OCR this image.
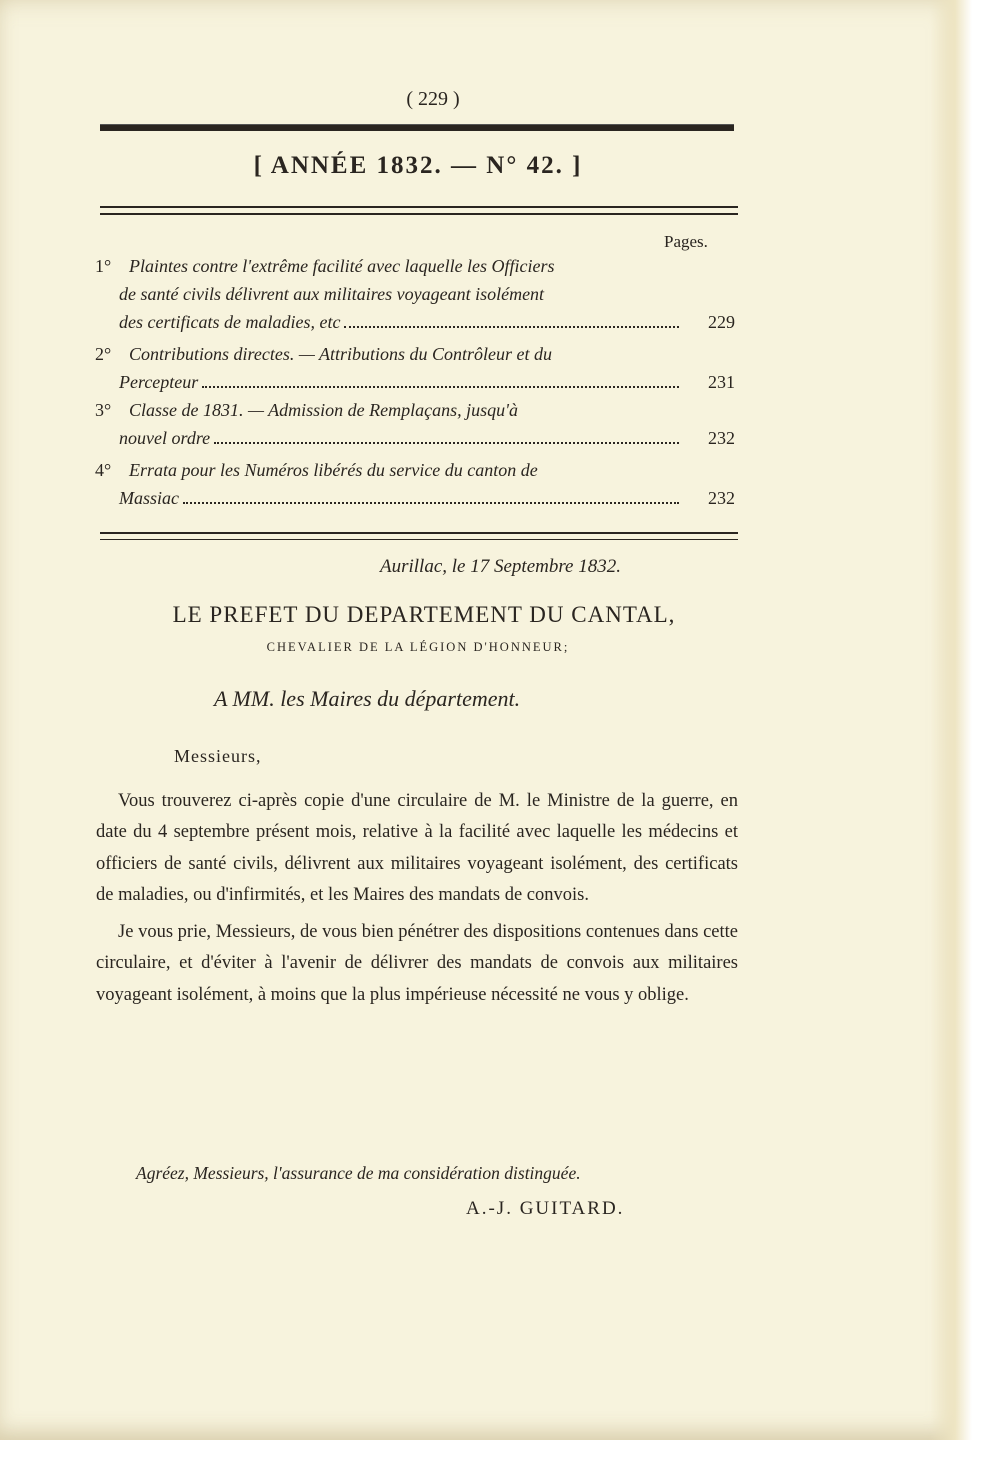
( 229 )
[ ANNÉE 1832. — N° 42. ]
Pages.
1° Plaintes contre l'extrême facilité avec laquelle les Officiers
de santé civils délivrent aux militaires voyageant isolément
des certificats de maladies, etc	229
2° Contributions directes. — Attributions du Contrôleur et du
Percepteur	231
3° Classe de 1831. — Admission de Remplaçans, jusqu'à
nouvel ordre	232
4° Errata pour les Numéros libérés du service du canton de
Massiac	232
Aurillac, le 17 Septembre 1832.
LE PREFET DU DEPARTEMENT DU CANTAL,
CHEVALIER DE LA LÉGION D'HONNEUR;
A MM. les Maires du département.
Messieurs,

Vous trouverez ci-après copie d'une circulaire de M. le Ministre de la guerre, en date du 4 septembre présent mois, relative à la facilité avec laquelle les médecins et officiers de santé civils, délivrent aux militaires voyageant isolément, des certificats de maladies, ou d'infirmités, et les Maires des mandats de convois.

Je vous prie, Messieurs, de vous bien pénétrer des dispositions contenues dans cette circulaire, et d'éviter à l'avenir de délivrer des mandats de convois aux militaires voyageant isolément, à moins que la plus impérieuse nécessité ne vous y oblige.

Agréez, Messieurs, l'assurance de ma considération distinguée.
A.-J. GUITARD.
